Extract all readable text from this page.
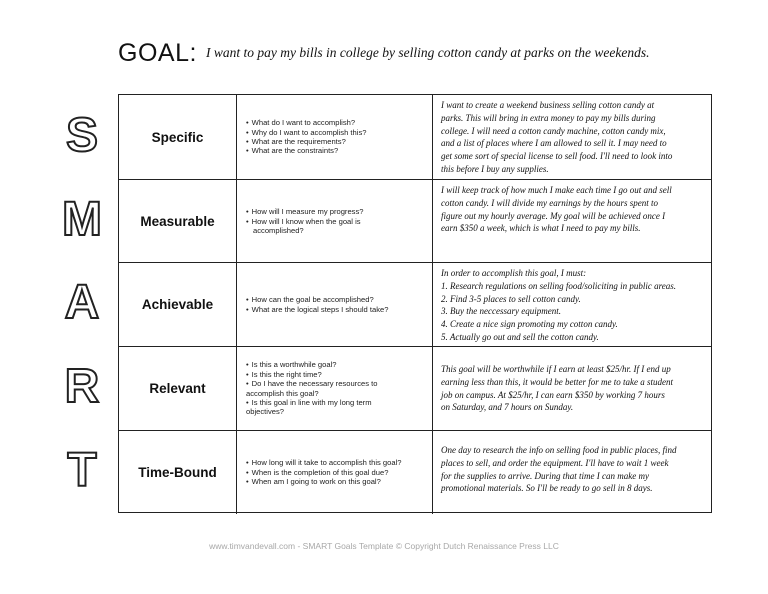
GOAL: I want to pay my bills in college by selling cotton candy at parks on the weekends.
S
M
A
R
T
Specific
• What do I want to accomplish?
• Why do I want to accomplish this?
• What are the requirements?
• What are the constraints?
I want to create a weekend business selling cotton candy at
parks. This will bring in extra money to pay my bills during
college. I will need a cotton candy machine, cotton candy mix,
and a list of places where I am allowed to sell it. I may need to
get some sort of special license to sell food. I'll need to look into
this before I buy any supplies.
Measurable
• How will I measure my progress?
• How will I know when the goal is
accomplished?
I will keep track of how much I make each time I go out and sell
cotton candy. I will divide my earnings by the hours spent to
figure out my hourly average. My goal will be achieved once I
earn $350 a week, which is what I need to pay my bills.
Achievable
•	How can the goal be accomplished?
• What are the logical steps I should take?
In order to accomplish this goal, I must:
1. Research regulations on selling food/soliciting in public areas.
2. Find 3-5 places to sell cotton candy.
3. Buy the neccessary equipment.
4. Create a nice sign promoting my cotton candy.
5. Actually go out and sell the cotton candy.
Relevant
• Is this a worthwhile goal?
• Is this the right time?
• Do I have the necessary resources to
accomplish this goal?
• Is this goal in line with my long term
objectives?
This goal will be worthwhile if I earn at least $25/hr. If I end up
earning less than this, it would be better for me to take a student
job on campus. At $25/hr, I can earn $350 by working 7 hours
on Saturday, and 7 hours on Sunday.
Time-Bound
• How long will it take to accomplish this goal?
• When is the completion of this goal due?
• When am I going to work on this goal?
One day to research the info on selling food in public places, find
places to sell, and order the equipment. I'll have to wait 1 week
for the supplies to arrive. During that time I can make my
promotional materials. So I'll be ready to go sell in 8 days.
www.timvandevall.com - SMART Goals Template © Copyright Dutch Renaissance Press LLC
